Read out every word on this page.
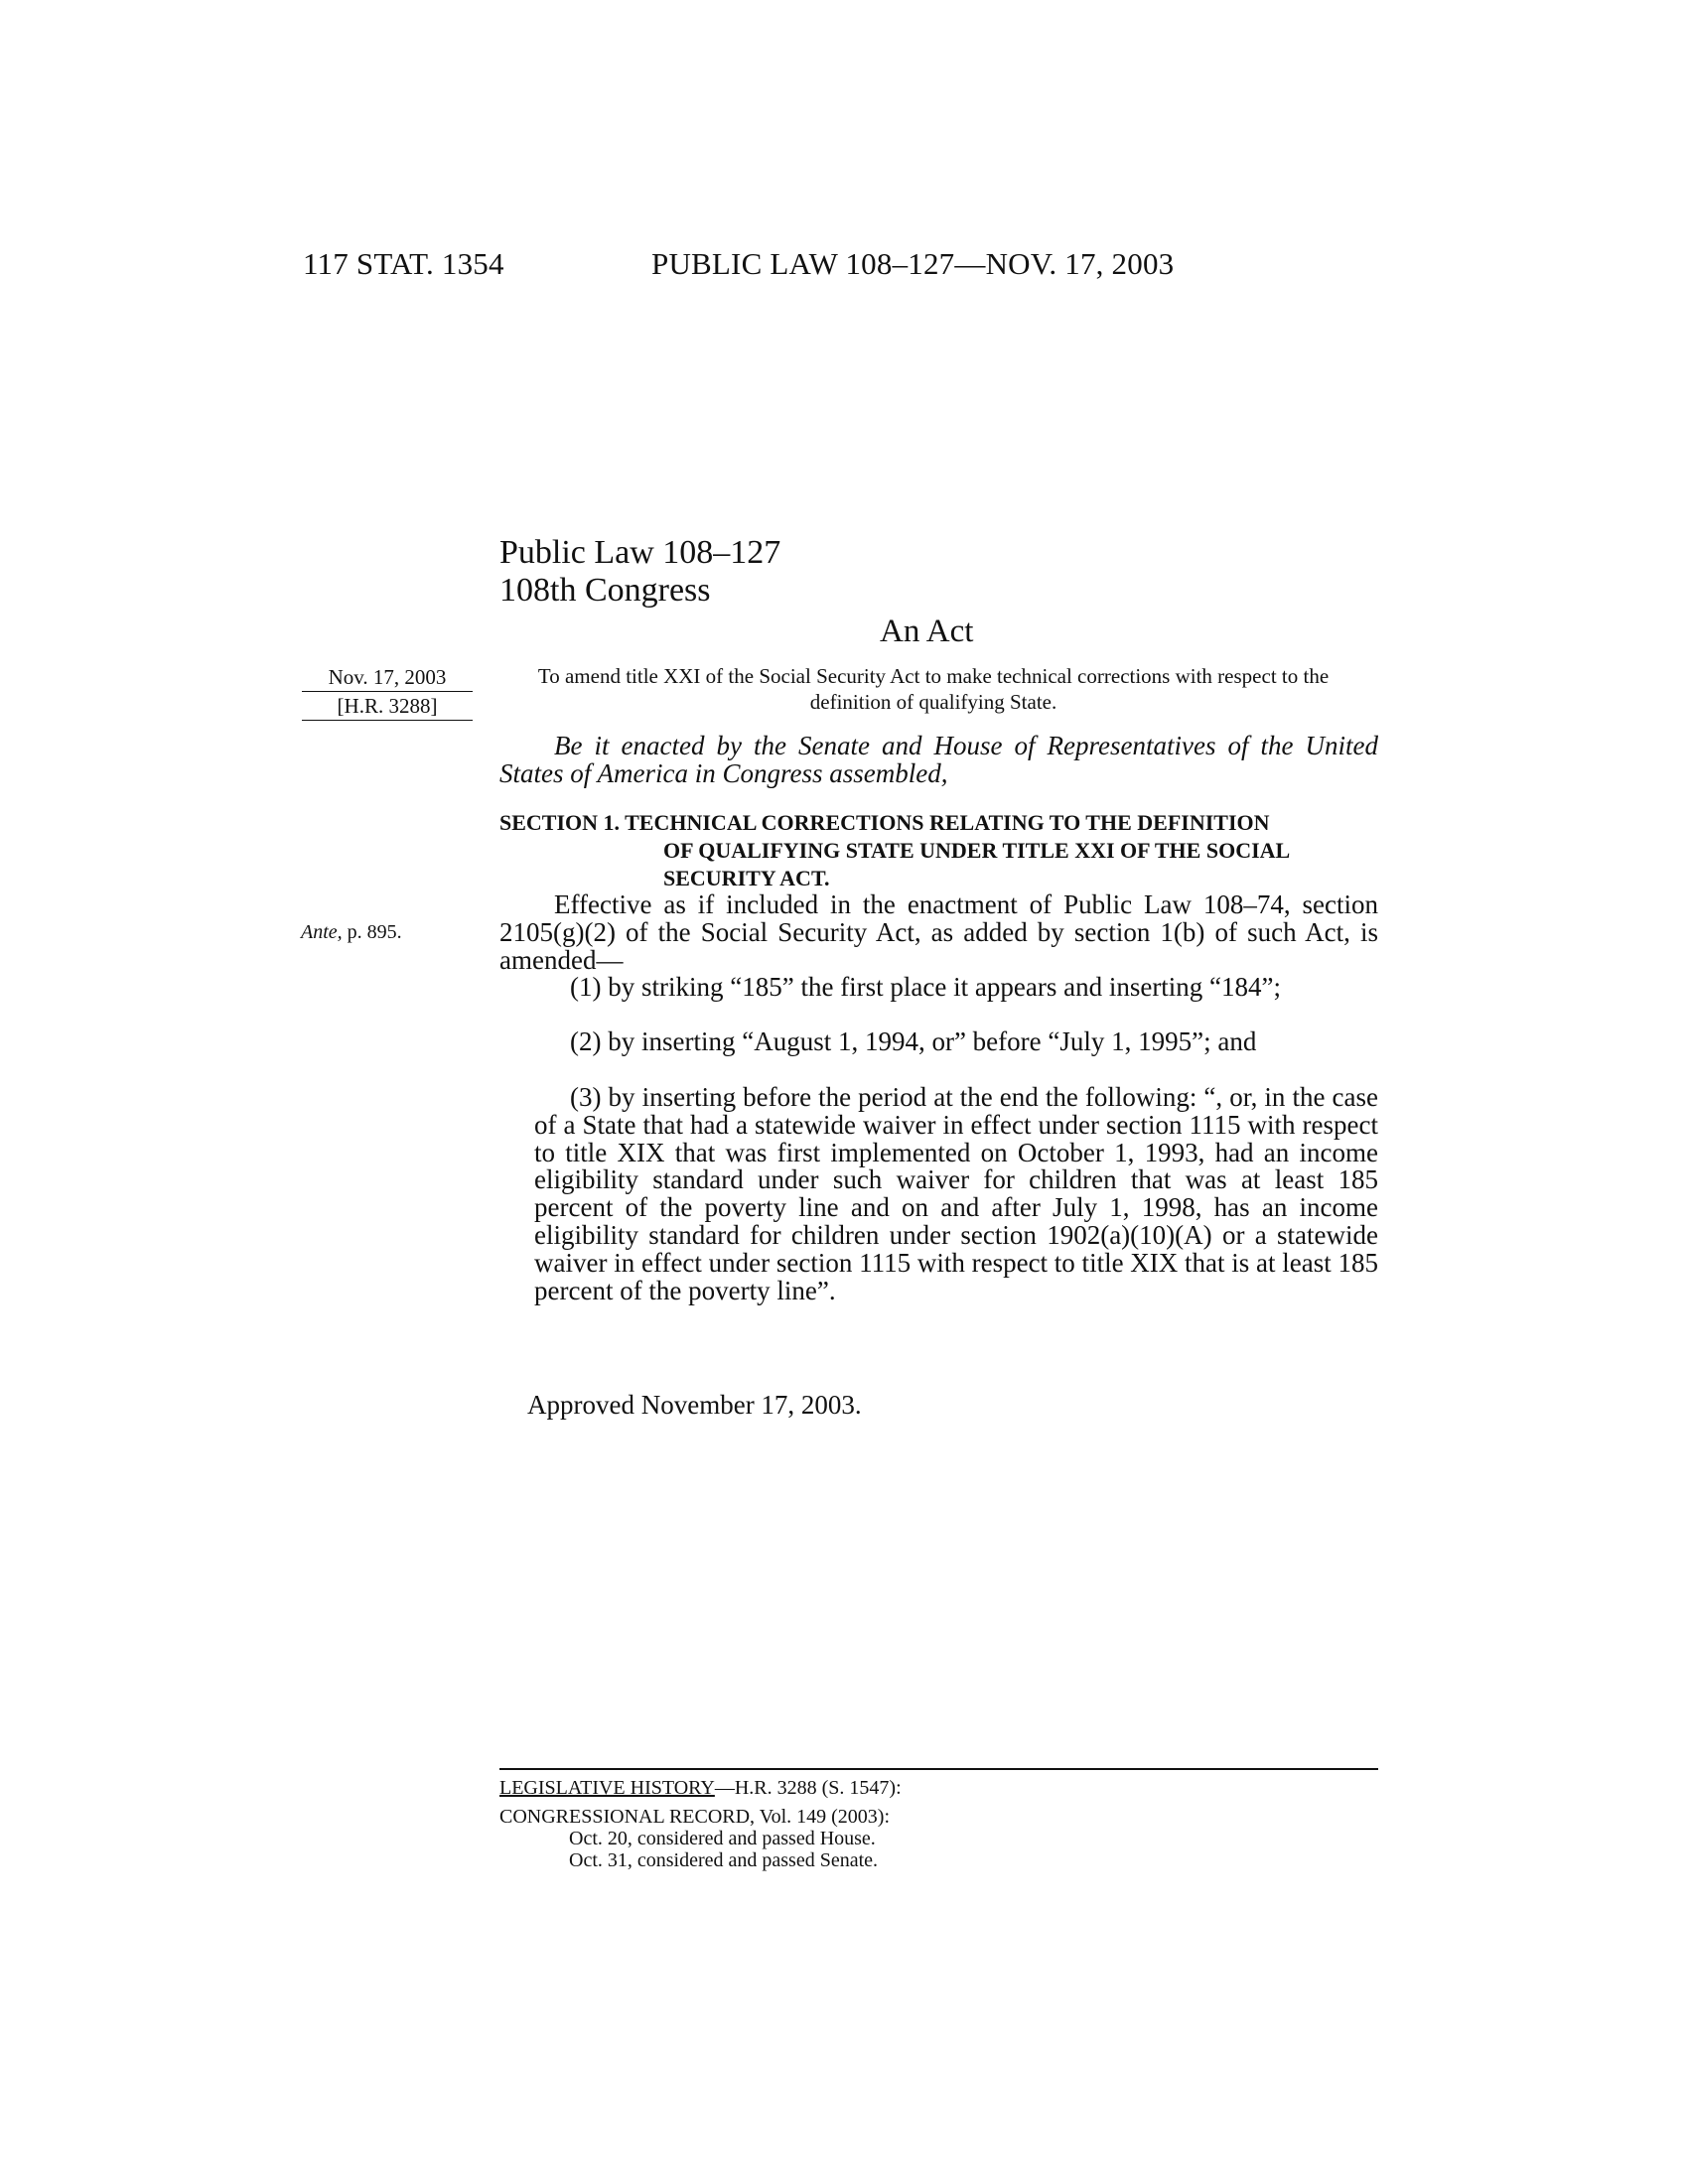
117 STAT. 1354	PUBLIC LAW 108–127—NOV. 17, 2003
Public Law 108–127
108th Congress
An Act
Nov. 17, 2003
[H.R. 3288]
To amend title XXI of the Social Security Act to make technical corrections with respect to the definition of qualifying State.
Be it enacted by the Senate and House of Representatives of the United States of America in Congress assembled,
SECTION 1. TECHNICAL CORRECTIONS RELATING TO THE DEFINITION
OF QUALIFYING STATE UNDER TITLE XXI OF THE SOCIAL SECURITY ACT.
Effective as if included in the enactment of Public Law 108–74, section 2105(g)(2) of the Social Security Act, as added by section 1(b) of such Act, is amended—
Ante, p. 895.

(1) by striking “185” the first place it appears and inserting “184”;

(2) by inserting “August 1, 1994, or” before “July 1, 1995”; and

(3) by inserting before the period at the end the following: “, or, in the case of a State that had a statewide waiver in effect under section 1115 with respect to title XIX that was first implemented on October 1, 1993, had an income eligibility standard under such waiver for children that was at least 185 percent of the poverty line and on and after July 1, 1998, has an income eligibility standard for children under section 1902(a)(10)(A) or a statewide waiver in effect under section 1115 with respect to title XIX that is at least 185 percent of the poverty line”.

Approved November 17, 2003.
LEGISLATIVE HISTORY—H.R. 3288 (S. 1547):
CONGRESSIONAL RECORD, Vol. 149 (2003):
Oct. 20, considered and passed House.
Oct. 31, considered and passed Senate.
